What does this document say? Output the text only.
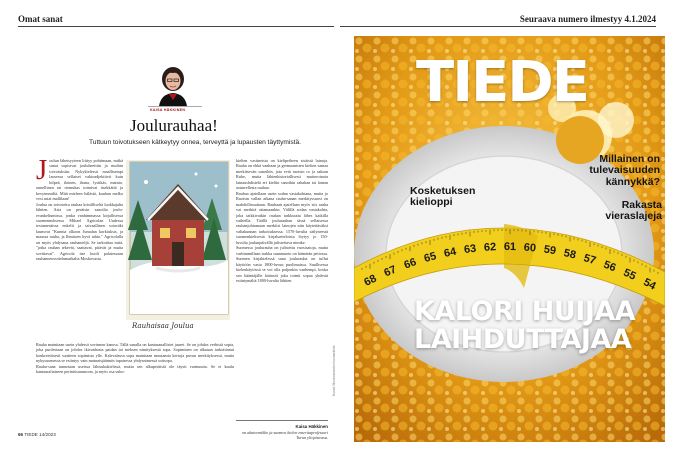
Omat sanat
KAISA HÄKKINEN
Joulurauhaa!
Tuttuun toivotukseen kätkeytyy onnea, terveyttä ja lupausten täyttymistä.

Joulun läheisyyteen liittyy pohtimaan, mitkä sanat sopisivat jouluheettiin ja muihin toivotuksiin. Nykykielessä maallisempi lausessa sellaiset vakioadjektiivit kuin hilpeä, iloinen, ihana, lystikäs, mainio, onnellinen tai riemukas toimivat itsekkäitä ja kevyimmiltä. Mitä mieleen hälästä, kuuhan melko vesi asiat mallilaan!

Joulua on toivotettu rauhaa kristilliseltä luokkajalta lähtien. Asia on peräisin sanoilta joulu-evankeliumissa, jonka vanhimmassa kirjallisessa suomennoksessa Mikael Agricolan Uudessa testamentissa enkelit ja taivaallinen sotaväki launsvat "Kunnia olkoon Jumalan korkiuksis, ja maassa rauha, ja Ihmisten hyvä tahto." Agricolalla on myös yhdysana rauhanieljä. Se tarkoittaa mitä, "jotka rauhan tekevät, saattavat, pitävät ja muita sovittavat". Agricola itse kuoli palatessaan rauhanneuvottelumatkalta Moskovasta.

Rauhaisaa Joulua

kielten vastineista on kielipeiheen sisäistä lainoja. Rauha on ehkä vanhaan ja germaanisten kielten samaa merkitsevän sanoihin, jota evät ruotsin ro ja saksan Ruhe, mutta lähtenhistoriallisesti mutteroinota lainaushdistelä eri kieliin sanoihin rahahan tai lainan asiaerellesta rauhaa.

Rauhaa ajatellaan usein sodan vastakohtana, mutta jo Ruotsin vallan aikana rauha-sanan merkityssuosi on mahdollisuuttaan. Rauhaan ajatellaan myös siis rauha vai merkitä ottamaankin. Välillä sodan vastakohta, joka taikkivatkin rauhan tarkkuutta lähes kaikilla vaiheilla. Täällä joulurauhan tässä sellaisessa rauhanjohtamaan merkitsi lainojen niin käytettäväksi valtakunnan tarkoituksessa. 1570-luvulta säilyneestä suomenkielisestä kirjaluetteloista löytyy jo 150-luvulta joulunpäivällä julistettava nimike.

Suomessa joulurauha on julistettu vuosisatoja, mutta varhimmillaan tarkka sanamuoto on hämärän peitossa. Suomen kirjakielessä sana joulurauha on tullut käyttöön vasta 1800-luvun puolimaissa. Suullisessa kielenkäytössä se voi olla paljonkin vanhempi, koska sen kääntäjälle käänsiti joka toimii sopaa yhdestä esiintymältä 1800-luvulta lähtien.

Rauha mainitaan usein yhdessä sovinnon kanssa. Tällä sanalla on kantasanallisiet juuret. Se on johdos verbistä sopia, joka puolestaan on johdos ikivanhasta paidan tai meksen nimityksestä sopa. Sopiminen on alkuaan tarkoittanut konkreettisesti vaatteen sopimista ylle. Kalevalassa sopa mainitaan muutamia kertoja puvun merkityksessä, mutta nykysuomessa se esiintyy vain muinaisjäännös tapaisessa yhdysnimessä sotisopa.

Rauha-sana tunnetaan useissa lähisukukielissä, mutta sen alkuperäisiä ole täysti varmuutta. Se ei kuulu kantauraliaiseen perintösanastoon, ja myös osa suku-

Kaisa Häkkinen
on akateemikko ja suomen kielen emeritaprofessori Turun yliopistossa.
Kuvat: Museoviraston kuvaarkisto
66 TIEDE 14/2023
Seuraava numero ilmestyy 4.1.2024
68
67 66 65 64 63 62 61 60 59 58 57 56
55
54
TIEDE
Millainen on tulevaisuuden kännykkä?
Kosketuksen kielioppi	Rakasta vieraslajeja
KALORI HUIJAA
LAIHDUTTAJAA
